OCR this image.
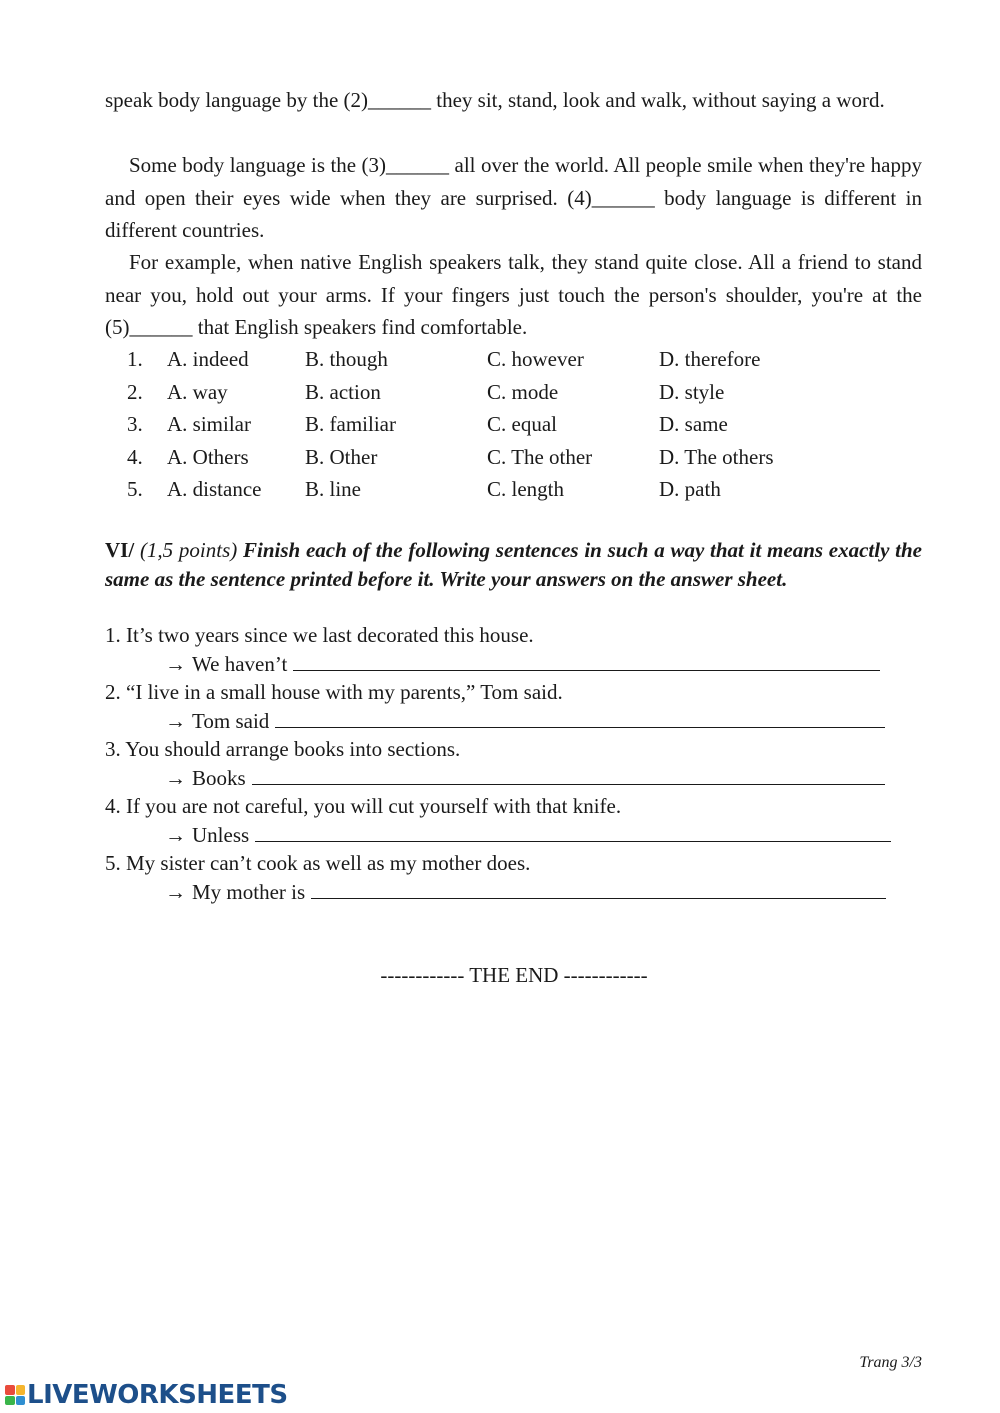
speak body language by the (2)______ they sit, stand, look and walk, without saying a word.

Some body language is the (3)______ all over the world. All people smile when they're happy and open their eyes wide when they are surprised. (4)______ body language is different in different countries.

For example, when native English speakers talk, they stand quite close. All a friend to stand near you, hold out your arms. If your fingers just touch the person's shoulder, you're at the (5)______ that English speakers find comfortable.

1. A. indeed	B. though	C. however	D. therefore
2. A. way	B. action	C. mode	D. style
3. A. similar	B. familiar	C. equal	D. same
4. A. Others	B. Other	C. The other	D. The others
5. A. distance B. line	C. length	D. path

VI/ (1,5 points) Finish each of the following sentences in such a way that it means exactly the same as the sentence printed before it. Write your answers on the answer sheet.

1. It’s two years since we last decorated this house.
→ We haven’t
2. “I live in a small house with my parents,” Tom said.
→ Tom said
3. You should arrange books into sections.
→ Books
4. If you are not careful, you will cut yourself with that knife.
→ Unless
5. My sister can’t cook as well as my mother does.
→ My mother is
------------ THE END ------------
Trang 3/3
LIVEWORKSHEETS
